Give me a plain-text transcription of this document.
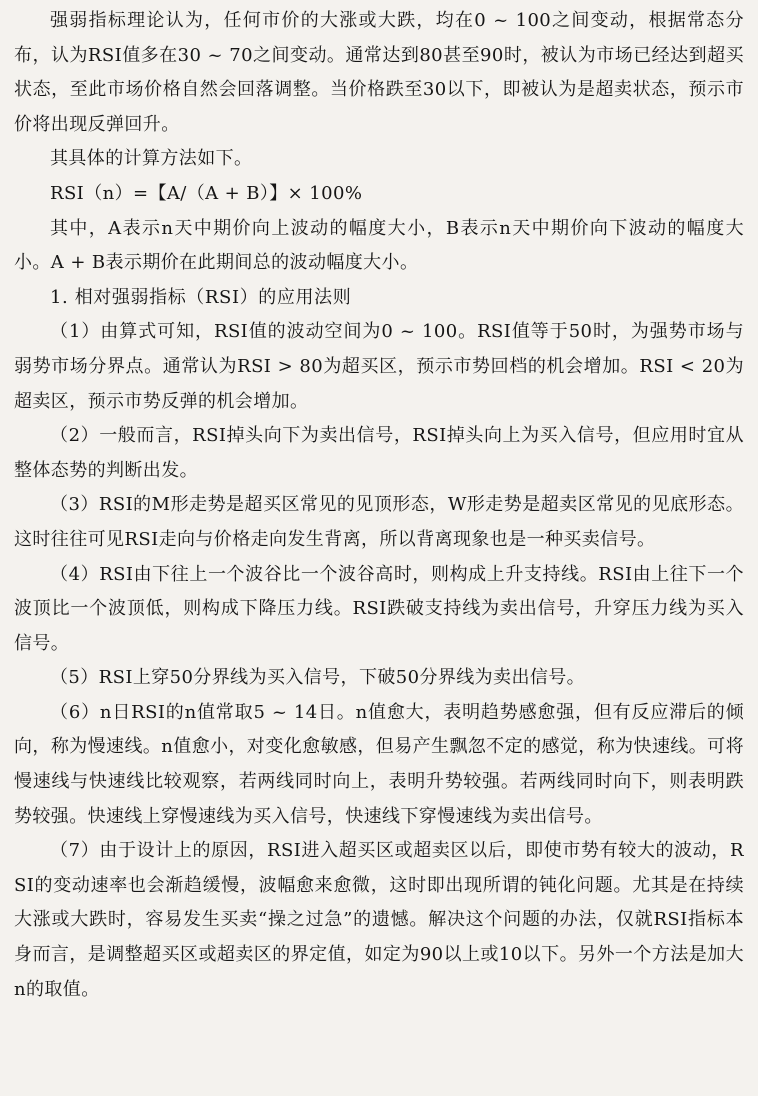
强弱指标理论认为，任何市价的大涨或大跌，均在0 ~ 100之间变动，根据常态分布，认为RSI值多在30 ~ 70之间变动。通常达到80甚至90时，被认为市场已经达到超买状态，至此市场价格自然会回落调整。当价格跌至30以下，即被认为是超卖状态，预示市价将出现反弹回升。

其具体的计算方法如下。

RSI（n）=【A/（A + B）】× 100%

其中，A表示n天中期价向上波动的幅度大小，B表示n天中期价向下波动的幅度大小。A + B表示期价在此期间总的波动幅度大小。

1. 相对强弱指标（RSI）的应用法则

（1）由算式可知，RSI值的波动空间为0 ~ 100。RSI值等于50时，为强势市场与弱势市场分界点。通常认为RSI > 80为超买区，预示市势回档的机会增加。RSI < 20为超卖区，预示市势反弹的机会增加。

（2）一般而言，RSI掉头向下为卖出信号，RSI掉头向上为买入信号，但应用时宜从整体态势的判断出发。

（3）RSI的M形走势是超买区常见的见顶形态，W形走势是超卖区常见的见底形态。这时往往可见RSI走向与价格走向发生背离，所以背离现象也是一种买卖信号。

（4）RSI由下往上一个波谷比一个波谷高时，则构成上升支持线。RSI由上往下一个波顶比一个波顶低，则构成下降压力线。RSI跌破支持线为卖出信号，升穿压力线为买入信号。

（5）RSI上穿50分界线为买入信号，下破50分界线为卖出信号。

（6）n日RSI的n值常取5 ~ 14日。n值愈大，表明趋势感愈强，但有反应滞后的倾向，称为慢速线。n值愈小，对变化愈敏感，但易产生飘忽不定的感觉，称为快速线。可将慢速线与快速线比较观察，若两线同时向上，表明升势较强。若两线同时向下，则表明跌势较强。快速线上穿慢速线为买入信号，快速线下穿慢速线为卖出信号。

（7）由于设计上的原因，RSI进入超买区或超卖区以后，即使市势有较大的波动，RSI的变动速率也会渐趋缓慢，波幅愈来愈微，这时即出现所谓的钝化问题。尤其是在持续大涨或大跌时，容易发生买卖“操之过急”的遗憾。解决这个问题的办法，仅就RSI指标本身而言，是调整超买区或超卖区的界定值，如定为90以上或10以下。另外一个方法是加大n的取值。
